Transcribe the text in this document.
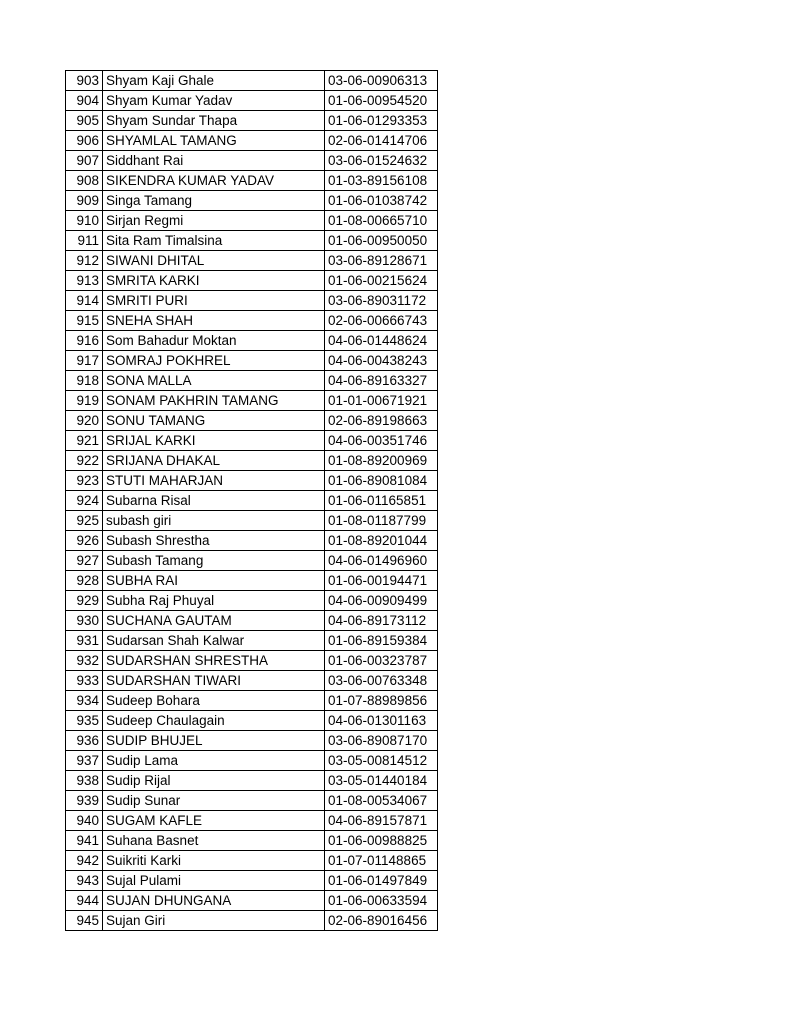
903	Shyam Kaji Ghale	03-06-00906313
904	Shyam Kumar Yadav	01-06-00954520
905	Shyam Sundar Thapa	01-06-01293353
906	SHYAMLAL TAMANG	02-06-01414706
907	Siddhant Rai	03-06-01524632
908	SIKENDRA KUMAR YADAV	01-03-89156108
909	Singa Tamang	01-06-01038742
910	Sirjan Regmi	01-08-00665710
911	Sita Ram Timalsina	01-06-00950050
912	SIWANI DHITAL	03-06-89128671
913	SMRITA KARKI	01-06-00215624
914	SMRITI PURI	03-06-89031172
915	SNEHA SHAH	02-06-00666743
916	Som Bahadur Moktan	04-06-01448624
917	SOMRAJ POKHREL	04-06-00438243
918	SONA MALLA	04-06-89163327
919	SONAM PAKHRIN TAMANG	01-01-00671921
920	SONU TAMANG	02-06-89198663
921	SRIJAL KARKI	04-06-00351746
922	SRIJANA DHAKAL	01-08-89200969
923	STUTI MAHARJAN	01-06-89081084
924	Subarna Risal	01-06-01165851
925	subash giri	01-08-01187799
926	Subash Shrestha	01-08-89201044
927	Subash Tamang	04-06-01496960
928	SUBHA RAI	01-06-00194471
929	Subha Raj Phuyal	04-06-00909499
930	SUCHANA GAUTAM	04-06-89173112
931	Sudarsan Shah Kalwar	01-06-89159384
932	SUDARSHAN SHRESTHA	01-06-00323787
933	SUDARSHAN TIWARI	03-06-00763348
934	Sudeep Bohara	01-07-88989856
935	Sudeep Chaulagain	04-06-01301163
936	SUDIP BHUJEL	03-06-89087170
937	Sudip Lama	03-05-00814512
938	Sudip Rijal	03-05-01440184
939	Sudip Sunar	01-08-00534067
940	SUGAM KAFLE	04-06-89157871
941	Suhana Basnet	01-06-00988825
942	Suikriti Karki	01-07-01148865
943	Sujal Pulami	01-06-01497849
944	SUJAN DHUNGANA	01-06-00633594
945	Sujan Giri	02-06-89016456
